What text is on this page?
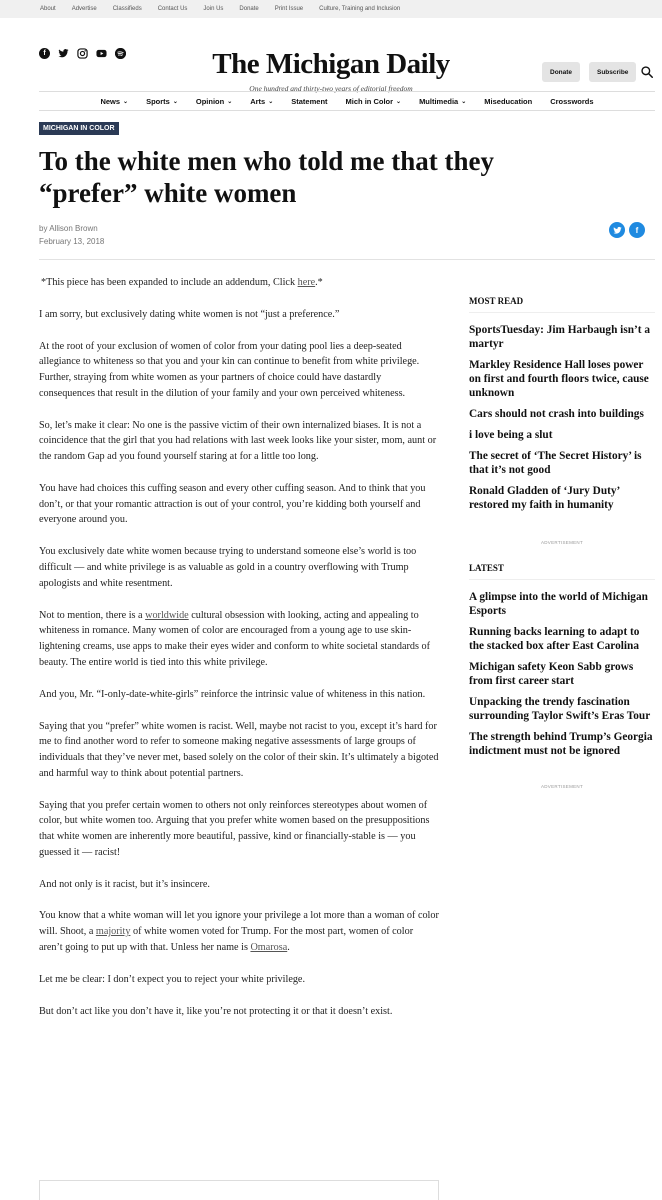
About	Advertise	Classifieds	Contact Us	Join Us	Donate	Print Issue	Culture, Training and Inclusion
f	The Michigan Daily
One hundred and thirty-two years of editorial freedom
Donate	Subscribe
News ⌄ Sports ⌄ Opinion ⌄ Arts ⌄ Statement Mich in Color ⌄ Multimedia ⌄ Miseducation Crosswords
MICHIGAN IN COLOR
To the white men who told me that they “prefer” white women
by Allison Brown
February 13, 2018
f

*This piece has been expanded to include an addendum, Click here.*

I am sorry, but exclusively dating white women is not “just a preference.”

At the root of your exclusion of women of color from your dating pool lies a deep-seated allegiance to whiteness so that you and your kin can continue to benefit from white privilege. Further, straying from white women as your partners of choice could have dastardly consequences that result in the dilution of your family and your own perceived whiteness.

So, let’s make it clear: No one is the passive victim of their own internalized biases. It is not a coincidence that the girl that you had relations with last week looks like your sister, mom, aunt or the random Gap ad you found yourself staring at for a little too long.

You have had choices this cuffing season and every other cuffing season. And to think that you don’t, or that your romantic attraction is out of your control, you’re kidding both yourself and everyone around you.

You exclusively date white women because trying to understand someone else’s world is too difficult — and white privilege is as valuable as gold in a country overflowing with Trump apologists and white resentment.

Not to mention, there is a worldwide cultural obsession with looking, acting and appealing to whiteness in romance. Many women of color are encouraged from a young age to use skin-lightening creams, use apps to make their eyes wider and conform to white societal standards of beauty. The entire world is tied into this white privilege.

And you, Mr. “I-only-date-white-girls” reinforce the intrinsic value of whiteness in this nation.

Saying that you “prefer” white women is racist. Well, maybe not racist to you, except it’s hard for me to find another word to refer to someone making negative assessments of large groups of individuals that they’ve never met, based solely on the color of their skin. It’s ultimately a bigoted and harmful way to think about potential partners.

Saying that you prefer certain women to others not only reinforces stereotypes about women of color, but white women too. Arguing that you prefer white women based on the presuppositions that white women are inherently more beautiful, passive, kind or financially-stable is — you guessed it — racist!

And not only is it racist, but it’s insincere.

You know that a white woman will let you ignore your privilege a lot more than a woman of color will. Shoot, a majority of white women voted for Trump. For the most part, women of color aren’t going to put up with that. Unless her name is Omarosa.

Let me be clear: I don’t expect you to reject your white privilege.

But don’t act like you don’t have it, like you’re not protecting it or that it doesn’t exist.

MOST READ
SportsTuesday: Jim Harbaugh isn’t a martyr
Markley Residence Hall loses power on first and fourth floors twice, cause unknown
Cars should not crash into buildings
i love being a slut
The secret of ‘The Secret History’ is that it’s not good
Ronald Gladden of ‘Jury Duty’ restored my faith in humanity
ADVERTISEMENT
LATEST
A glimpse into the world of Michigan Esports
Running backs learning to adapt to the stacked box after East Carolina
Michigan safety Keon Sabb grows from first career start
Unpacking the trendy fascination surrounding Taylor Swift’s Eras Tour
The strength behind Trump’s Georgia indictment must not be ignored
ADVERTISEMENT
